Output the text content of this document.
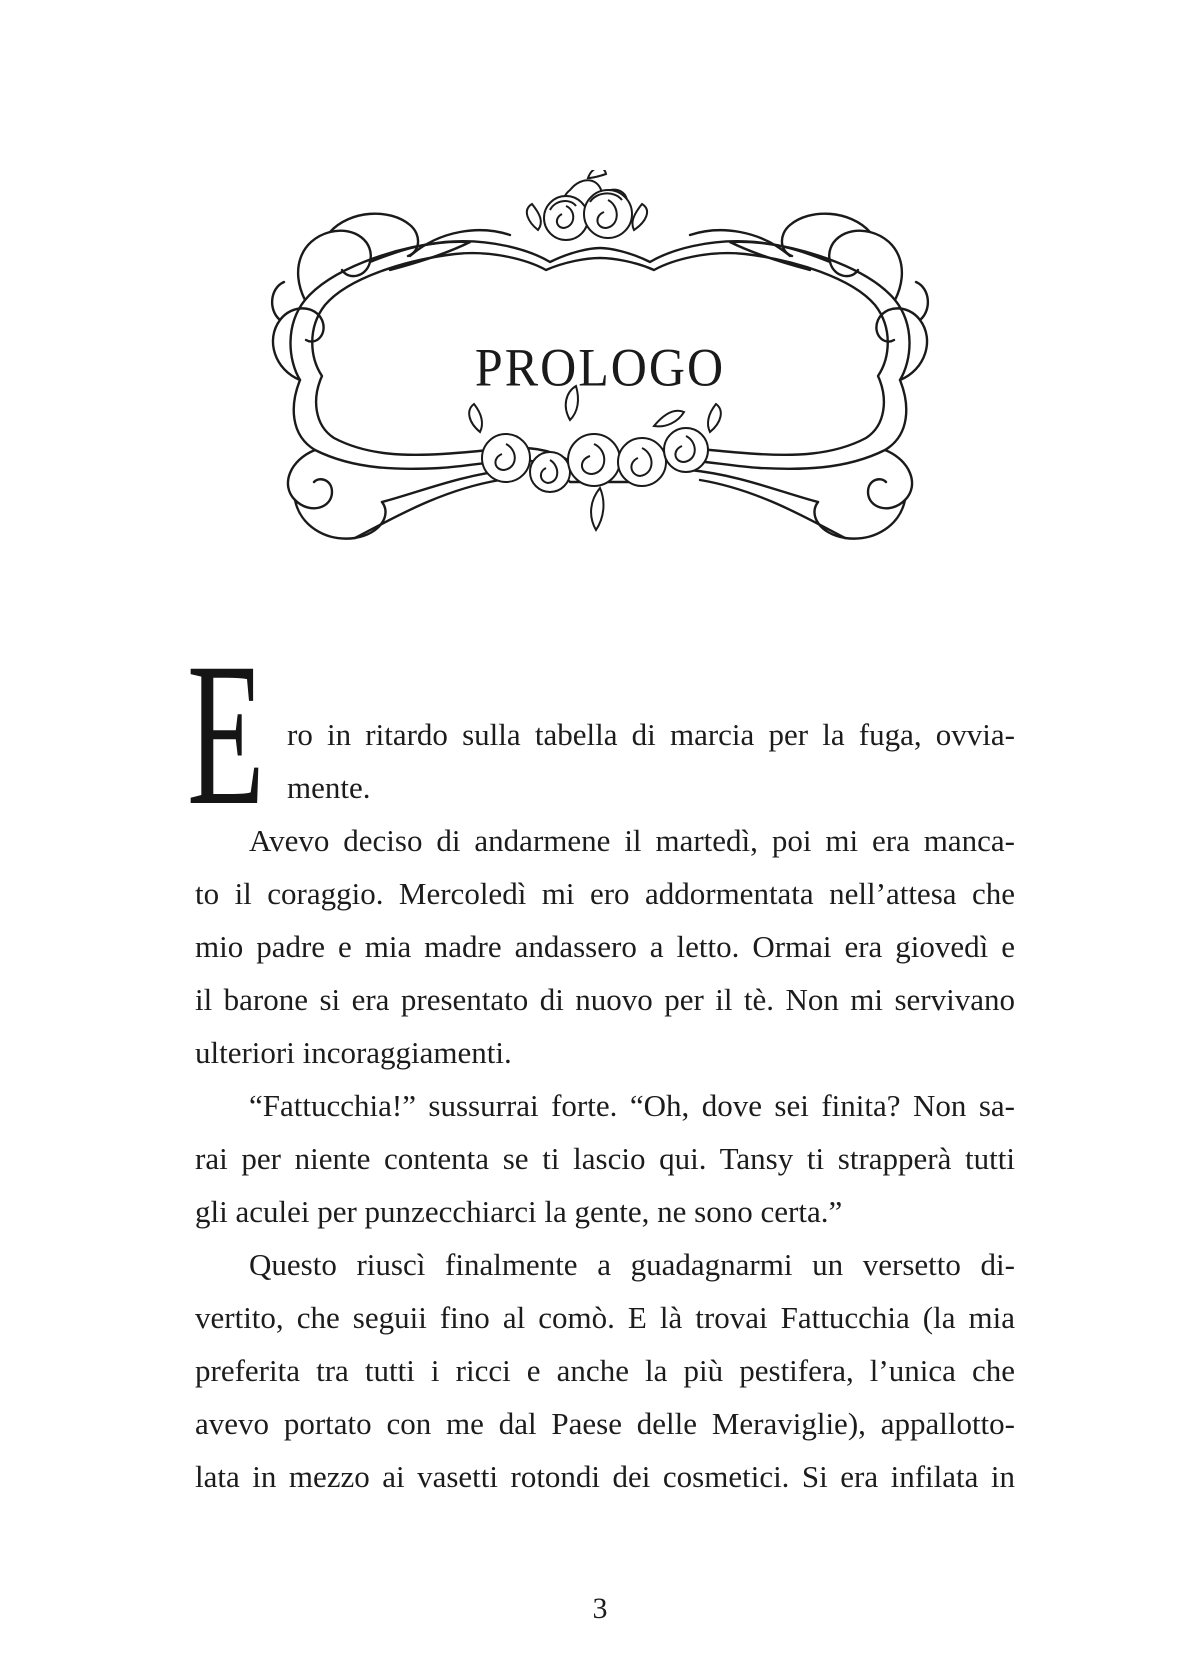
PROLOGO

E ro in ritardo sulla tabella di marcia per la fuga, ovvia-
mente.

Avevo deciso di andarmene il martedì, poi mi era manca-
to il coraggio. Mercoledì mi ero addormentata nell’attesa che
mio padre e mia madre andassero a letto. Ormai era giovedì e
il barone si era presentato di nuovo per il tè. Non mi servivano
ulteriori incoraggiamenti.

“Fattucchia!” sussurrai forte. “Oh, dove sei finita? Non sa-
rai per niente contenta se ti lascio qui. Tansy ti strapperà tutti
gli aculei per punzecchiarci la gente, ne sono certa.”

Questo riuscì finalmente a guadagnarmi un versetto di-
vertito, che seguii fino al comò. E là trovai Fattucchia (la mia
preferita tra tutti i ricci e anche la più pestifera, l’unica che
avevo portato con me dal Paese delle Meraviglie), appallotto-
lata in mezzo ai vasetti rotondi dei cosmetici. Si era infilata in

3
